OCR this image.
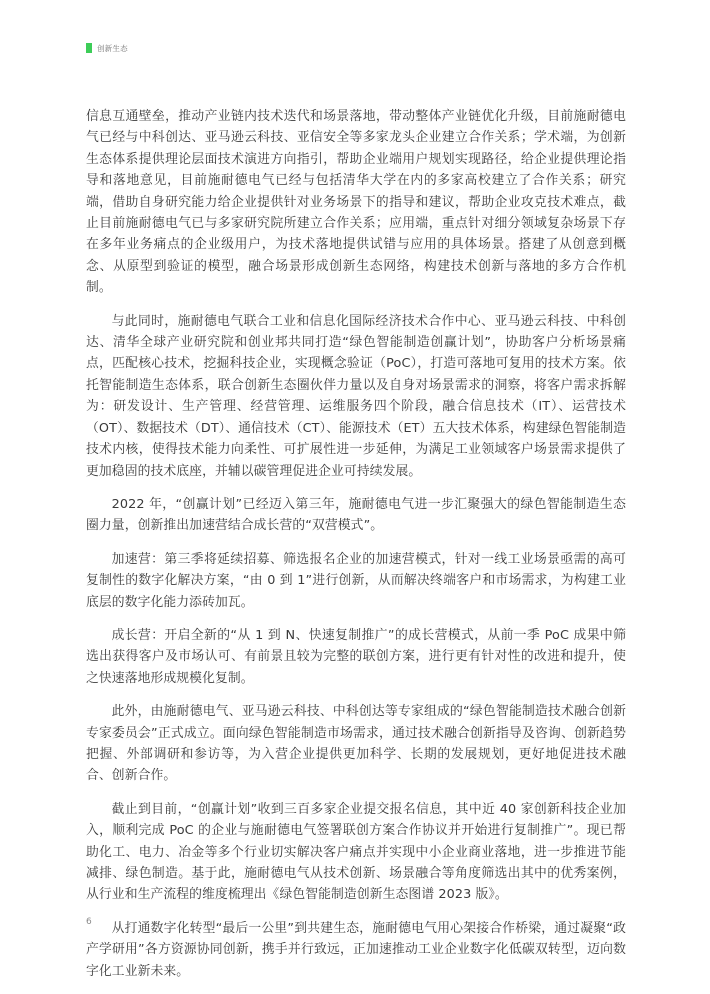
创新生态

信息互通壁垒，推动产业链内技术迭代和场景落地，带动整体产业链优化升级，目前施耐德电气已经与中科创达、亚马逊云科技、亚信安全等多家龙头企业建立合作关系；学术端，为创新生态体系提供理论层面技术演进方向指引，帮助企业端用户规划实现路径，给企业提供理论指导和落地意见，目前施耐德电气已经与包括清华大学在内的多家高校建立了合作关系；研究端，借助自身研究能力给企业提供针对业务场景下的指导和建议，帮助企业攻克技术难点，截止目前施耐德电气已与多家研究院所建立合作关系；应用端，重点针对细分领域复杂场景下存在多年业务痛点的企业级用户，为技术落地提供试错与应用的具体场景。搭建了从创意到概念、从原型到验证的模型，融合场景形成创新生态网络，构建技术创新与落地的多方合作机制。

与此同时，施耐德电气联合工业和信息化国际经济技术合作中心、亚马逊云科技、中科创达、清华全球产业研究院和创业邦共同打造“绿色智能制造创赢计划”，协助客户分析场景痛点，匹配核心技术，挖掘科技企业，实现概念验证（PoC），打造可落地可复用的技术方案。依托智能制造生态体系，联合创新生态圈伙伴力量以及自身对场景需求的洞察，将客户需求拆解为：研发设计、生产管理、经营管理、运维服务四个阶段，融合信息技术（IT）、运营技术（OT）、数据技术（DT）、通信技术（CT）、能源技术（ET）五大技术体系，构建绿色智能制造技术内核，使得技术能力向柔性、可扩展性进一步延伸，为满足工业领域客户场景需求提供了更加稳固的技术底座，并辅以碳管理促进企业可持续发展。

2022 年，“创赢计划”已经迈入第三年，施耐德电气进一步汇聚强大的绿色智能制造生态圈力量，创新推出加速营结合成长营的“双营模式”。

加速营：第三季将延续招募、筛选报名企业的加速营模式，针对一线工业场景亟需的高可复制性的数字化解决方案，“由 0 到 1”进行创新，从而解决终端客户和市场需求，为构建工业底层的数字化能力添砖加瓦。

成长营：开启全新的“从 1 到 N、快速复制推广”的成长营模式，从前一季 PoC 成果中筛选出获得客户及市场认可、有前景且较为完整的联创方案，进行更有针对性的改进和提升，使之快速落地形成规模化复制。

此外，由施耐德电气、亚马逊云科技、中科创达等专家组成的“绿色智能制造技术融合创新专家委员会”正式成立。面向绿色智能制造市场需求，通过技术融合创新指导及咨询、创新趋势把握、外部调研和参访等，为入营企业提供更加科学、长期的发展规划，更好地促进技术融合、创新合作。

截止到目前，“创赢计划”收到三百多家企业提交报名信息，其中近 40 家创新科技企业加入，顺利完成 PoC 的企业与施耐德电气签署联创方案合作协议并开始进行复制推广”。现已帮助化工、电力、冶金等多个行业切实解决客户痛点并实现中小企业商业落地，进一步推进节能减排、绿色制造。基于此，施耐德电气从技术创新、场景融合等角度筛选出其中的优秀案例，从行业和生产流程的维度梳理出《绿色智能制造创新生态图谱 2023 版》。

从打通数字化转型“最后一公里”到共建生态，施耐德电气用心架接合作桥梁，通过凝聚“政产学研用”各方资源协同创新，携手并行致远，正加速推动工业企业数字化低碳双转型，迈向数字化工业新未来。

6
